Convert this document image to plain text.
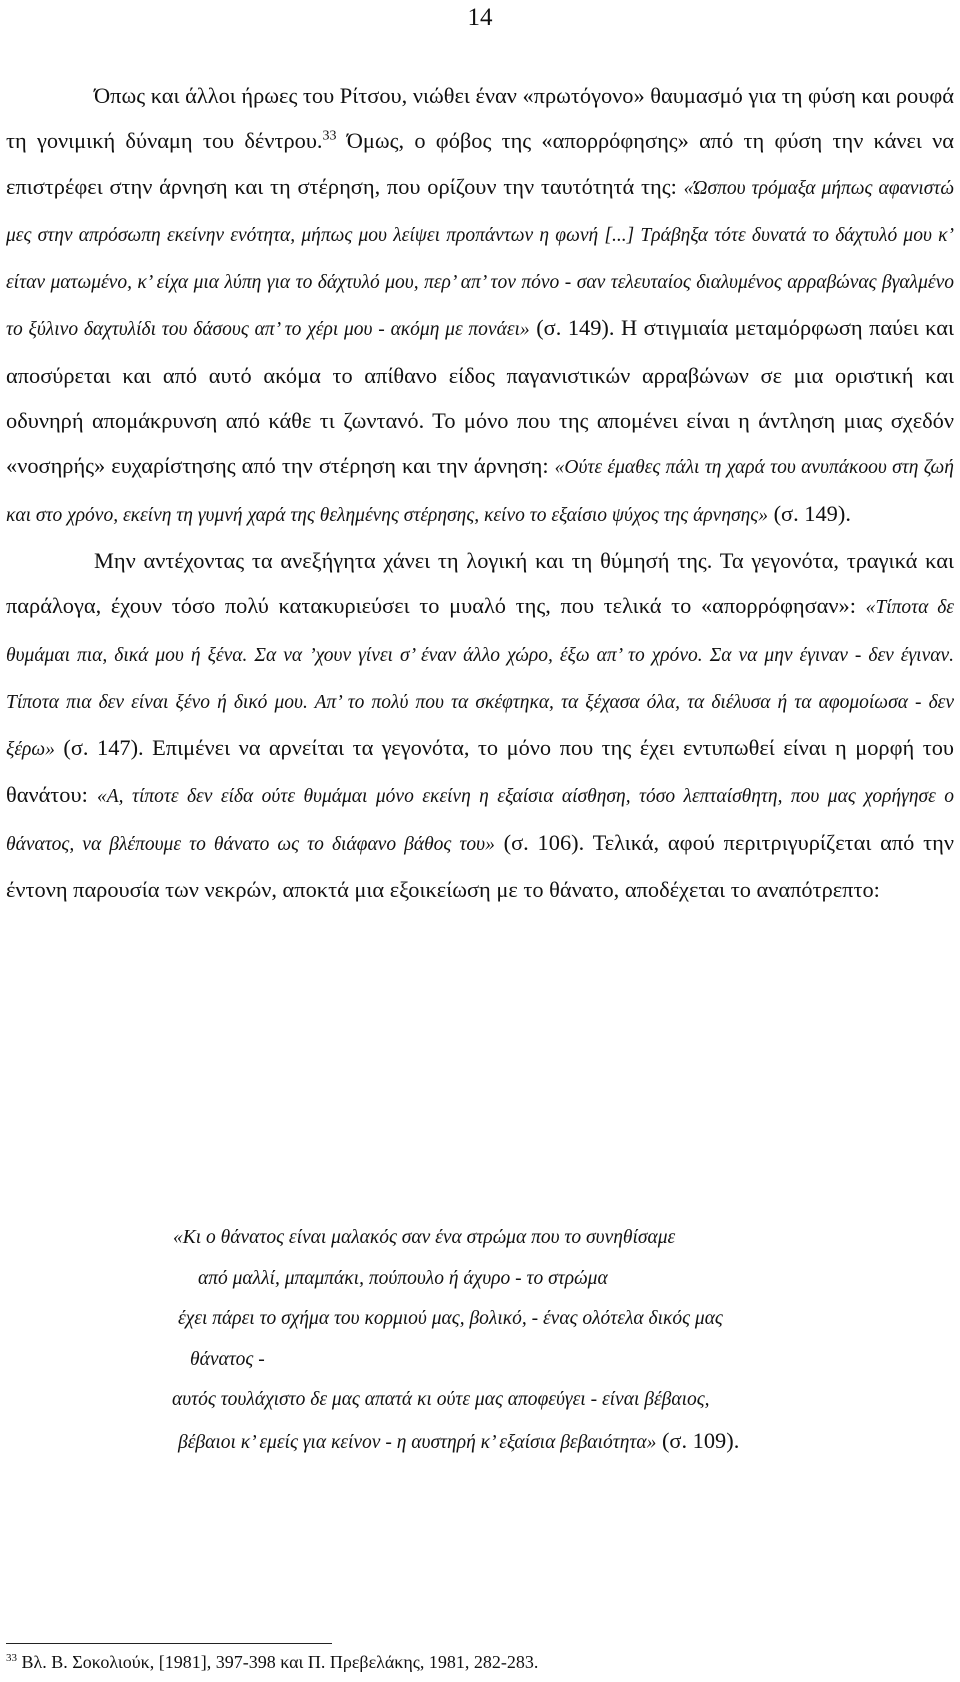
14

Όπως και άλλοι ήρωες του Ρίτσου, νιώθει έναν «πρωτόγονο» θαυμασμό για τη φύση και ρουφά τη γονιμική δύναμη του δέντρου.$^{33}$ Όμως, ο φόβος της «απορρόφησης» από τη φύση την κάνει να επιστρέφει στην άρνηση και τη στέρηση, που ορίζουν την ταυτότητά της: «Ώσπου τρόμαξα μήπως αφανιστώ μες στην απρόσωπη εκείνην ενότητα, μήπως μου λείψει προπάντων η φωνή [...] Τράβηξα τότε δυνατά το δάχτυλό μου κ’ είταν ματωμένο, κ’ είχα μια λύπη για το δάχτυλό μου, περ’ απ’ τον πόνο - σαν τελευταίος διαλυμένος αρραβώνας βγαλμένο το ξύλινο δαχτυλίδι του δάσους απ’ το χέρι μου - ακόμη με πονάει» (σ. 149). Η στιγμιαία μεταμόρφωση παύει και αποσύρεται και από αυτό ακόμα το απίθανο είδος παγανιστικών αρραβώνων σε μια οριστική και οδυνηρή απομάκρυνση από κάθε τι ζωντανό. Το μόνο που της απομένει είναι η άντληση μιας σχεδόν «νοσηρής» ευχαρίστησης από την στέρηση και την άρνηση: «Ούτε έμαθες πάλι τη χαρά του ανυπάκοου στη ζωή και στο χρόνο, εκείνη τη γυμνή χαρά της θελημένης στέρησης, κείνο το εξαίσιο ψύχος της άρνησης» (σ. 149).

Μην αντέχοντας τα ανεξήγητα χάνει τη λογική και τη θύμησή της. Τα γεγονότα, τραγικά και παράλογα, έχουν τόσο πολύ κατακυριεύσει το μυαλό της, που τελικά το «απορρόφησαν»: «Τίποτα δε θυμάμαι πια, δικά μου ή ξένα. Σα να ’χουν γίνει σ’ έναν άλλο χώρο, έξω απ’ το χρόνο. Σα να μην έγιναν - δεν έγιναν. Τίποτα πια δεν είναι ξένο ή δικό μου. Απ’ το πολύ που τα σκέφτηκα, τα ξέχασα όλα, τα διέλυσα ή τα αφομοίωσα - δεν ξέρω» (σ. 147). Επιμένει να αρνείται τα γεγονότα, το μόνο που της έχει εντυπωθεί είναι η μορφή του θανάτου: «Α, τίποτε δεν είδα ούτε θυμάμαι μόνο εκείνη η εξαίσια αίσθηση, τόσο λεπταίσθητη, που μας χορήγησε ο θάνατος, να βλέπουμε το θάνατο ως το διάφανο βάθος του» (σ. 106). Τελικά, αφού περιτριγυρίζεται από την έντονη παρουσία των νεκρών, αποκτά μια εξοικείωση με το θάνατο, αποδέχεται το αναπότρεπτο:

«Κι ο θάνατος είναι μαλακός σαν ένα στρώμα που το συνηθίσαμε
από μαλλί, μπαμπάκι, πούπουλο ή άχυρο - το στρώμα
έχει πάρει το σχήμα του κορμιού μας, βολικό, - ένας ολότελα δικός μας
θάνατος -
αυτός τουλάχιστο δε μας απατά κι ούτε μας αποφεύγει - είναι βέβαιος,
βέβαιοι κ’ εμείς για κείνον - η αυστηρή κ’ εξαίσια βεβαιότητα» (σ. 109).
$^{33}$ Βλ. Β. Σοκολιούκ, [1981], 397-398 και Π. Πρεβελάκης, 1981, 282-283.
